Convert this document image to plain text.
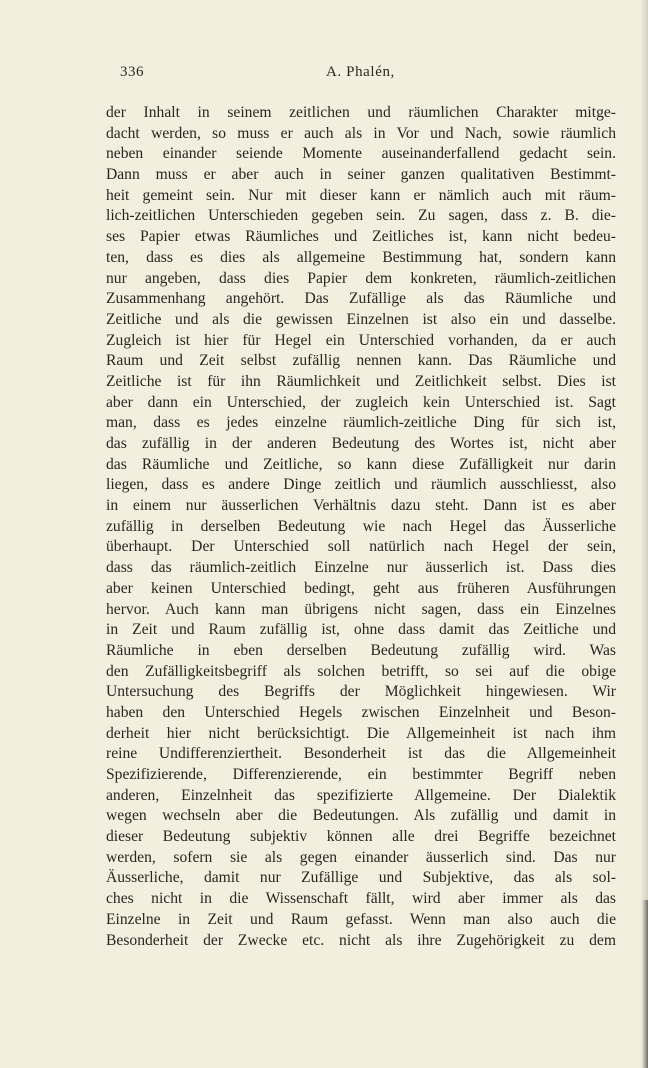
336	A. Phalén,
der Inhalt in seinem zeitlichen und räumlichen Charakter mitge-
dacht werden, so muss er auch als in Vor und Nach, sowie räumlich
neben einander seiende Momente auseinanderfallend gedacht sein.
Dann muss er aber auch in seiner ganzen qualitativen Bestimmt-
heit gemeint sein. Nur mit dieser kann er nämlich auch mit räum-
lich-zeitlichen Unterschieden gegeben sein. Zu sagen, dass z. B. die-
ses Papier etwas Räumliches und Zeitliches ist, kann nicht bedeu-
ten, dass es dies als allgemeine Bestimmung hat, sondern kann
nur angeben, dass dies Papier dem konkreten, räumlich-zeitlichen
Zusammenhang angehört. Das Zufällige als das Räumliche und
Zeitliche und als die gewissen Einzelnen ist also ein und dasselbe.
Zugleich ist hier für Hegel ein Unterschied vorhanden, da er auch
Raum und Zeit selbst zufällig nennen kann. Das Räumliche und
Zeitliche ist für ihn Räumlichkeit und Zeitlichkeit selbst. Dies ist
aber dann ein Unterschied, der zugleich kein Unterschied ist. Sagt
man, dass es jedes einzelne räumlich-zeitliche Ding für sich ist,
das zufällig in der anderen Bedeutung des Wortes ist, nicht aber
das Räumliche und Zeitliche, so kann diese Zufälligkeit nur darin
liegen, dass es andere Dinge zeitlich und räumlich ausschliesst, also
in einem nur äusserlichen Verhältnis dazu steht. Dann ist es aber
zufällig in derselben Bedeutung wie nach Hegel das Äusserliche
überhaupt. Der Unterschied soll natürlich nach Hegel der sein,
dass das räumlich-zeitlich Einzelne nur äusserlich ist. Dass dies
aber keinen Unterschied bedingt, geht aus früheren Ausführungen
hervor. Auch kann man übrigens nicht sagen, dass ein Einzelnes
in Zeit und Raum zufällig ist, ohne dass damit das Zeitliche und
Räumliche in eben derselben Bedeutung zufällig wird. Was
den Zufälligkeitsbegriff als solchen betrifft, so sei auf die obige
Untersuchung des Begriffs der Möglichkeit hingewiesen. Wir
haben den Unterschied Hegels zwischen Einzelnheit und Beson-
derheit hier nicht berücksichtigt. Die Allgemeinheit ist nach ihm
reine Undifferenziertheit. Besonderheit ist das die Allgemeinheit
Spezifizierende, Differenzierende, ein bestimmter Begriff neben
anderen, Einzelnheit das spezifizierte Allgemeine. Der Dialektik
wegen wechseln aber die Bedeutungen. Als zufällig und damit in
dieser Bedeutung subjektiv können alle drei Begriffe bezeichnet
werden, sofern sie als gegen einander äusserlich sind. Das nur
Äusserliche, damit nur Zufällige und Subjektive, das als sol-
ches nicht in die Wissenschaft fällt, wird aber immer als das
Einzelne in Zeit und Raum gefasst. Wenn man also auch die
Besonderheit der Zwecke etc. nicht als ihre Zugehörigkeit zu dem
